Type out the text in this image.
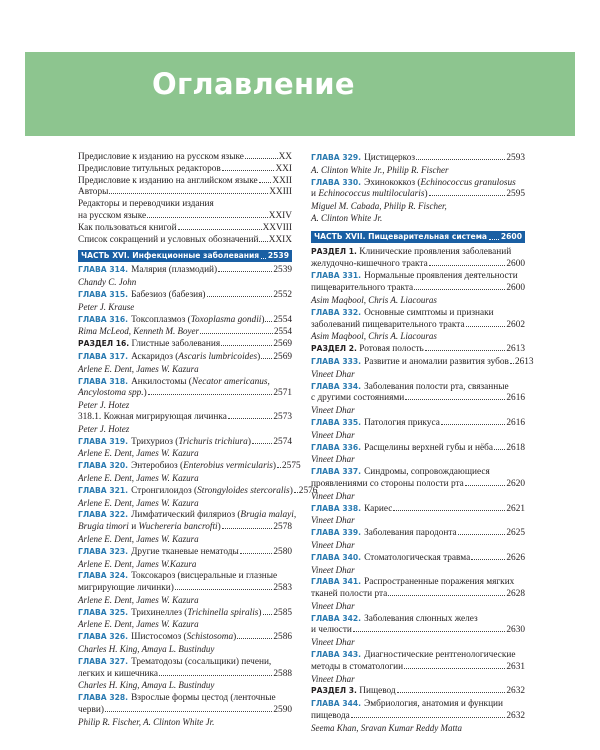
Оглавление
Предисловие к изданию на русском языке	XX
Предисловие титульных редакторов	XXI
Предисловие к изданию на английском языке XXII
Авторы	XXIII
Редакторы и переводчики издания
на русском языке	XXIV
Как пользоваться книгой	XXVIII
Список сокращений и условных обозначений XXIX
ЧАСТЬ XVI. Инфекционные заболевания 2539
ГЛАВА 314. Малярия (плазмодий)	2539
Chandy C. John
ГЛАВА 315. Бабезиоз (бабезия)	2552
Peter J. Krause
ГЛАВА 316. Токсоплазмоз (Toxoplasma gondii) 2554
Rima McLeod, Kenneth M. Boyer	2554
РАЗДЕЛ 16. Глистные заболевания	2569
ГЛАВА 317. Аскаридоз (Ascaris lumbricoides) 2569
Arlene E. Dent, James W. Kazura
ГЛАВА 318. Анкилостомы (Necator americanus,
Ancylostoma spp.)	2571
Peter J. Hotez
318.1. Кожная мигрирующая личинка	2573
Peter J. Hotez
ГЛАВА 319. Трихуриоз (Trichuris trichiura) 2574
Arlene E. Dent, James W. Kazura
ГЛАВА 320. Энтеробиоз (Enterobius vermicularis) 2575
Arlene E. Dent, James W. Kazura
ГЛАВА 321. Стронгилоидоз (Strongyloides stercoralis) 2576
Arlene E. Dent, James W. Kazura
ГЛАВА 322. Лимфатический филяриоз (Brugia malayi,
Brugia timori и Wuchereria bancrofti)	2578
Arlene E. Dent, James W. Kazura
ГЛАВА 323. Другие тканевые нематоды	2580
Arlene E. Dent, James W.Kazura
ГЛАВА 324. Токсокароз (висцеральные и глазные
мигрирующие личинки)	2583
Arlene E. Dent, James W. Kazura
ГЛАВА 325. Трихинеллез (Trichinella spiralis) 2585
Arlene E. Dent, James W. Kazura
ГЛАВА 326. Шистосомоз (Schistosoma)	2586
Charles H. King, Amaya L. Bustinduy
ГЛАВА 327. Трематодозы (сосальщики) печени,
легких и кишечника	2588
Charles H. King, Amaya L. Bustinduy
ГЛАВА 328. Взрослые формы цестод (ленточные
черви)	2590
Philip R. Fischer, A. Clinton White Jr.
ГЛАВА 329. Цистицеркоз	2593
A. Clinton White Jr., Philip R. Fischer
ГЛАВА 330. Эхинококкоз (Echinococcus granulosus
и Echinococcus multilocularis)	2595
Miguel M. Cabada, Philip R. Fischer,
A. Clinton White Jr.
ЧАСТЬ XVII. Пищеварительная система 2600
РАЗДЕЛ 1. Клинические проявления заболеваний
желудочно-кишечного тракта	2600
ГЛАВА 331. Нормальные проявления деятельности
пищеварительного тракта	2600
Asim Maqbool, Chris A. Liacouras
ГЛАВА 332. Основные симптомы и признаки
заболеваний пищеварительного тракта	2602
Asim Maqbool, Chris A. Liacouras
РАЗДЕЛ 2. Ротовая полость	2613
ГЛАВА 333. Развитие и аномалии развития зубов 2613
Vineet Dhar
ГЛАВА 334. Заболевания полости рта, связанные
с другими состояниями	2616
Vineet Dhar
ГЛАВА 335. Патология прикуса	2616
Vineet Dhar
ГЛАВА 336. Расщелины верхней губы и нёба 2618
Vineet Dhar
ГЛАВА 337. Синдромы, сопровождающиеся
проявлениями со стороны полости рта	2620
Vineet Dhar
ГЛАВА 338. Кариес	2621
Vineet Dhar
ГЛАВА 339. Заболевания пародонта	2625
Vineet Dhar
ГЛАВА 340. Стоматологическая травма	2626
Vineet Dhar
ГЛАВА 341. Распространенные поражения мягких
тканей полости рта	2628
Vineet Dhar
ГЛАВА 342. Заболевания слюнных желез
и челюсти	2630
Vineet Dhar
ГЛАВА 343. Диагностические рентгенологические
методы в стоматологии	2631
Vineet Dhar
РАЗДЕЛ 3. Пищевод	2632
ГЛАВА 344. Эмбриология, анатомия и функции
пищевода	2632
Seema Khan, Sravan Kumar Reddy Matta
